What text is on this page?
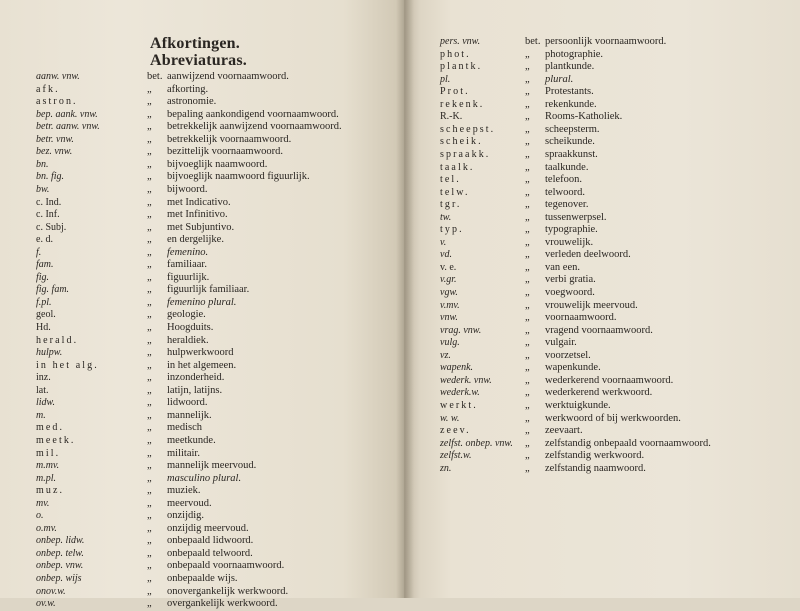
Afkortingen.
Abreviaturas.
aanw. vnw.	bet. aanwijzend voornaamwoord.
afk.	„ afkorting.
astron.	„ astronomie.
bep. aank. vnw.	„ bepaling aankondigend voornaamwoord.
betr. aanw. vnw.	„ betrekkelijk aanwijzend voornaamwoord.
betr. vnw.	„ betrekkelijk voornaamwoord.
bez. vnw.	„ bezittelijk voornaamwoord.
bn.	„ bijvoeglijk naamwoord.
bn. fig.	„ bijvoeglijk naamwoord figuurlijk.
bw.	„ bijwoord.
c. Ind.	„ met Indicativo.
c. Inf.	„ met Infinitivo.
c. Subj.	„ met Subjuntivo.
e. d.	„ en dergelijke.
f.	„ femenino.
fam.	„ familiaar.
fig.	„ figuurlijk.
fig. fam.	„ figuurlijk familiaar.
f.pl.	„ femenino plural.
geol.	„ geologie.
Hd.	„ Hoogduits.
herald.	„ heraldiek.
hulpw.	„ hulpwerkwoord
in het alg.	„ in het algemeen.
inz.	„ inzonderheid.
lat.	„ latijn, latijns.
lidw.	„ lidwoord.
m.	„ mannelijk.
med.	„ medisch
meetk.	„ meetkunde.
mil.	„ militair.
m.mv.	„ mannelijk meervoud.
m.pl.	„ masculino plural.
muz.	„ muziek.
mv.	„ meervoud.
o.	„ onzijdig.
o.mv.	„ onzijdig meervoud.
onbep. lidw.	„ onbepaald lidwoord.
onbep. telw.	„ onbepaald telwoord.
onbep. vnw.	„ onbepaald voornaamwoord.
onbep. wijs	„ onbepaalde wijs.
onov.w.	„ onovergankelijk werkwoord.
ov.w.	„ overgankelijk werkwoord.
pers. vnw.	bet. persoonlijk voornaamwoord.
phot.	„ photographie.
plantk.	„ plantkunde.
pl.	„ plural.
Prot.	„ Protestants.
rekenk.	„ rekenkunde.
R.-K.	„ Rooms-Katholiek.
scheepst.	„ scheepsterm.
scheik.	„ scheikunde.
spraakk.	„ spraakkunst.
taalk.	„ taalkunde.
tel.	„ telefoon.
telw.	„ telwoord.
tgr.	„ tegenover.
tw.	„ tussenwerpsel.
typ.	„ typographie.
v.	„ vrouwelijk.
vd.	„ verleden deelwoord.
v. e.	„ van een.
v.gr.	„ verbi gratia.
vgw.	„ voegwoord.
v.mv.	„ vrouwelijk meervoud.
vnw.	„ voornaamwoord.
vrag. vnw.	„ vragend voornaamwoord.
vulg.	„ vulgair.
vz.	„ voorzetsel.
wapenk.	„ wapenkunde.
wederk. vnw.	„ wederkerend voornaamwoord.
wederk.w.	„ wederkerend werkwoord.
werkt.	„ werktuigkunde.
w. w.	„ werkwoord of bij werkwoorden.
zeev.	„ zeevaart.
zelfst. onbep. vnw. „ zelfstandig onbepaald voornaamwoord.
zelfst.w.	„ zelfstandig werkwoord.
zn.	„ zelfstandig naamwoord.
